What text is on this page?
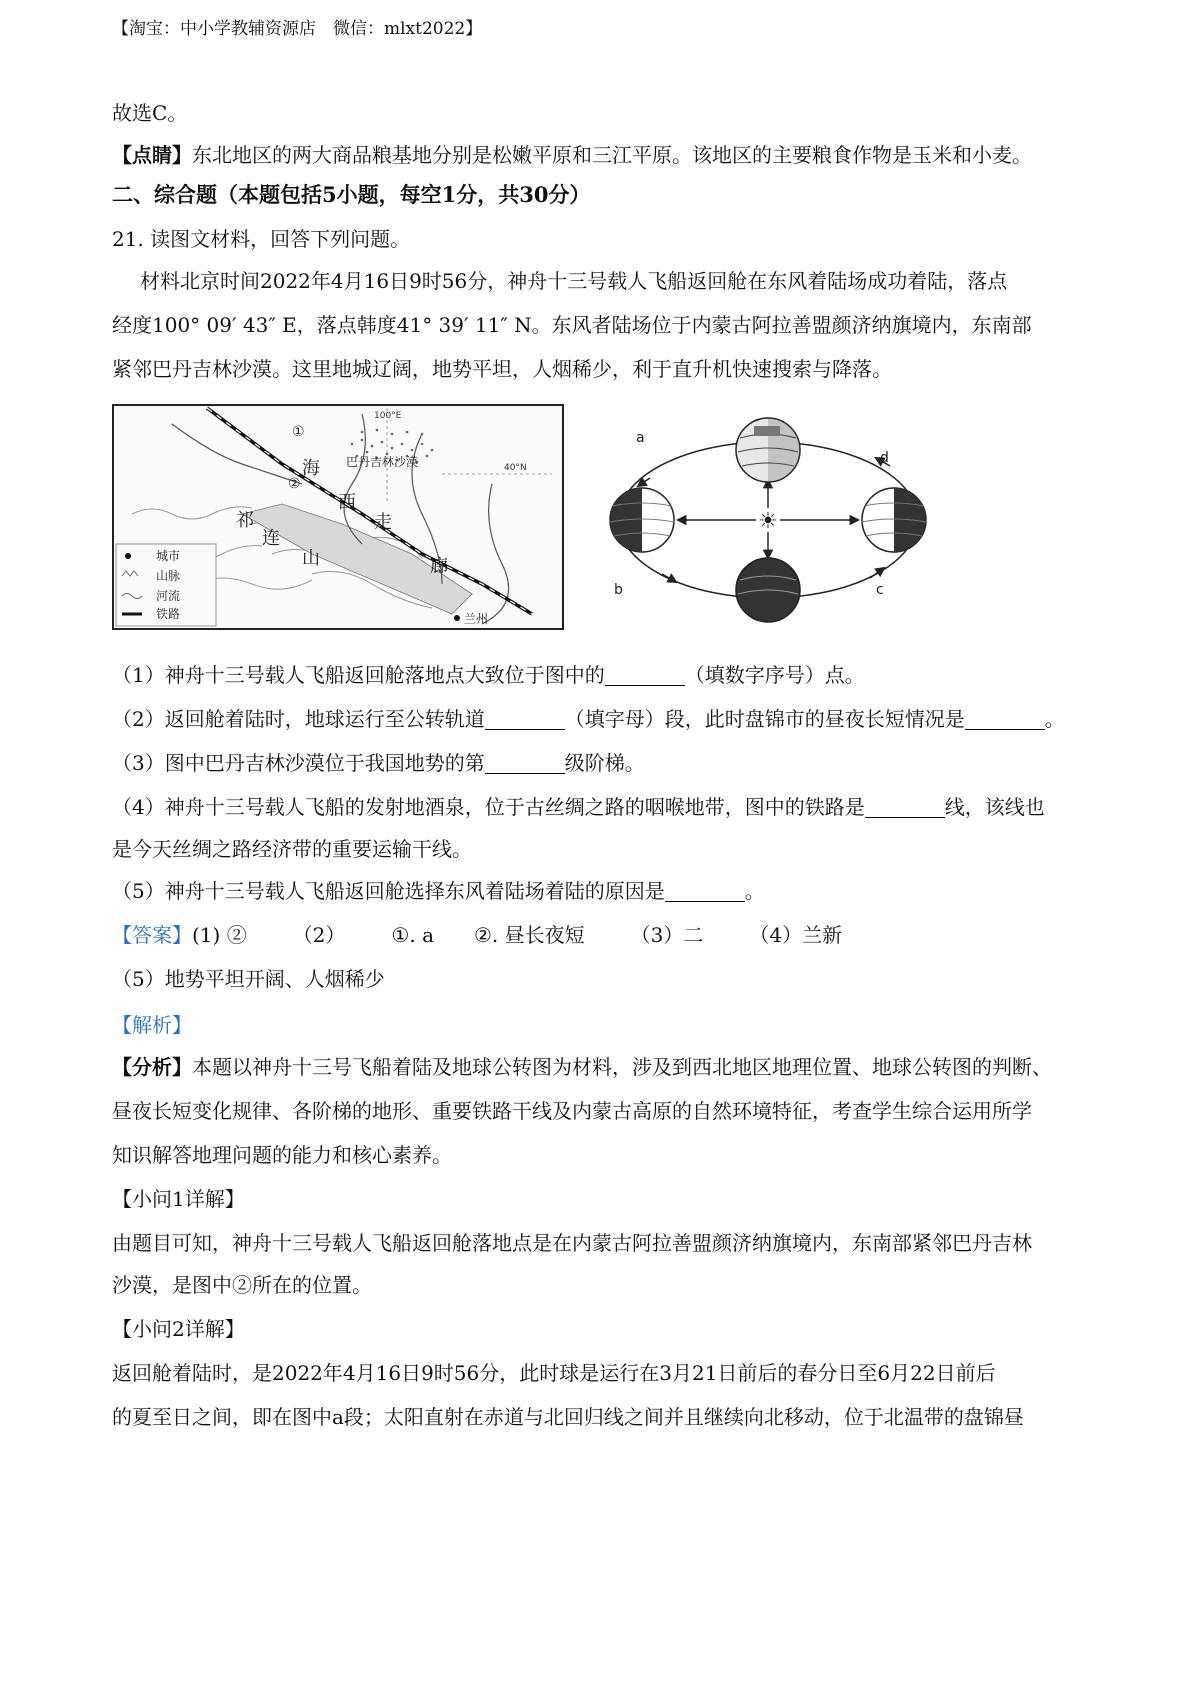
【淘宝：中小学教辅资源店　微信：mlxt2022】
故选C。
【点睛】东北地区的两大商品粮基地分别是松嫩平原和三江平原。该地区的主要粮食作物是玉米和小麦。
二、综合题（本题包括5小题，每空1分，共30分）
21. 读图文材料，回答下列问题。
材料北京时间2022年4月16日9时56分，神舟十三号载人飞船返回舱在东风着陆场成功着陆，落点
经度100° 09′ 43″ E，落点韩度41° 39′ 11″ N。东风者陆场位于内蒙古阿拉善盟颜济纳旗境内，东南部
紧邻巴丹吉林沙漠。这里地城辽阔，地势平坦，人烟稀少，利于直升机快速搜索与降落。
100°E
40°N
巴丹吉林沙漠
①
②
海
祁
连
西
走
山	廊
兰州
城市
山脉
河流
铁路
☀
a
b	c
d
（1）神舟十三号载人飞船返回舱落地点大致位于图中的	（填数字序号）点。
（2）返回舱着陆时，地球运行至公转轨道	（填字母）段，此时盘锦市的昼夜长短情况是	。
（3）图中巴丹吉林沙漠位于我国地势的第	级阶梯。
（4）神舟十三号载人飞船的发射地酒泉，位于古丝绸之路的咽喉地带，图中的铁路是	线，该线也
是今天丝绸之路经济带的重要运输干线。
（5）神舟十三号载人飞船返回舱选择东风着陆场着陆的原因是	。
【答案】(1) ② （2） ①. a ②. 昼长夜短 （3）二 （4）兰新
（5）地势平坦开阔、人烟稀少
【解析】
【分析】本题以神舟十三号飞船着陆及地球公转图为材料，涉及到西北地区地理位置、地球公转图的判断、
昼夜长短变化规律、各阶梯的地形、重要铁路干线及内蒙古高原的自然环境特征，考查学生综合运用所学
知识解答地理问题的能力和核心素养。
【小问1详解】
由题目可知，神舟十三号载人飞船返回舱落地点是在内蒙古阿拉善盟颜济纳旗境内，东南部紧邻巴丹吉林
沙漠，是图中②所在的位置。
【小问2详解】
返回舱着陆时，是2022年4月16日9时56分，此时球是运行在3月21日前后的春分日至6月22日前后
的夏至日之间，即在图中a段；太阳直射在赤道与北回归线之间并且继续向北移动，位于北温带的盘锦昼
